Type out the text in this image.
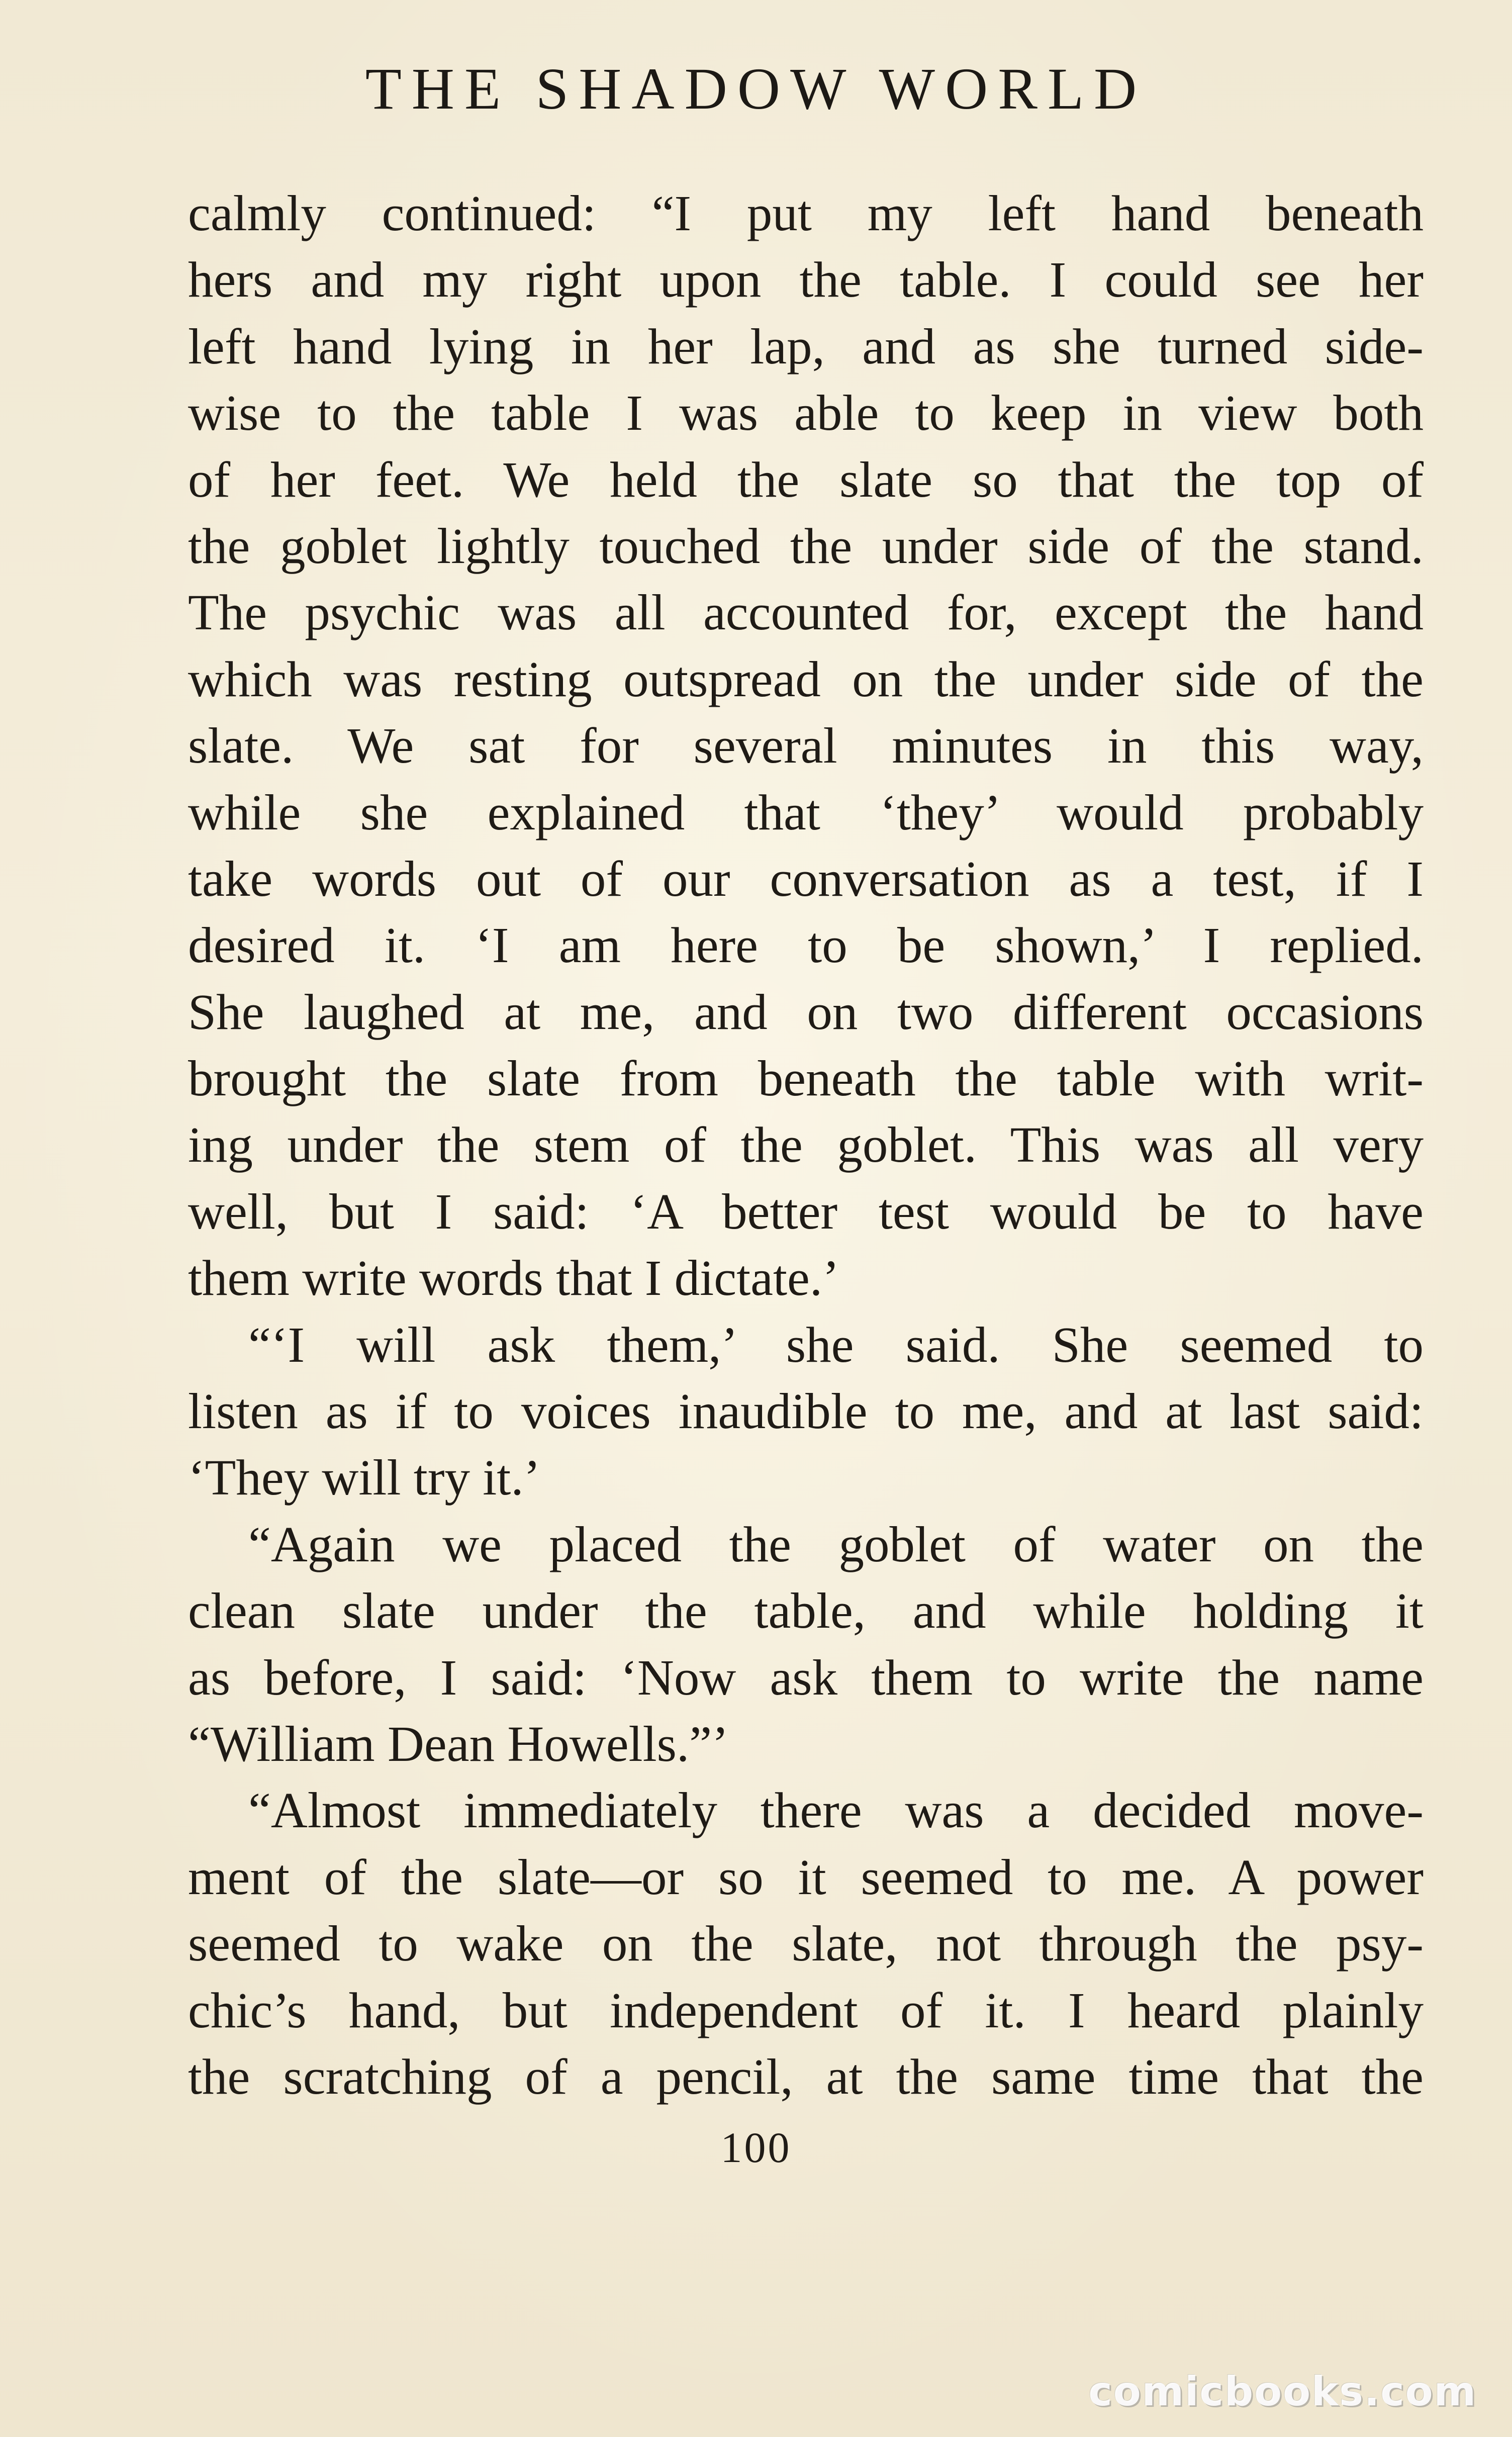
THE SHADOW WORLD
calmly continued: “I put my left hand beneath
hers and my right upon the table. I could see her
left hand lying in her lap, and as she turned side-
wise to the table I was able to keep in view both
of her feet. We held the slate so that the top of
the goblet lightly touched the under side of the stand.
The psychic was all accounted for, except the hand
which was resting outspread on the under side of the
slate. We sat for several minutes in this way,
while she explained that ‘they’ would probably
take words out of our conversation as a test, if I
desired it. ‘I am here to be shown,’ I replied.
She laughed at me, and on two different occasions
brought the slate from beneath the table with writ-
ing under the stem of the goblet. This was all very
well, but I said: ‘A better test would be to have
them write words that I dictate.’
“‘I will ask them,’ she said. She seemed to
listen as if to voices inaudible to me, and at last said:
‘They will try it.’
“Again we placed the goblet of water on the
clean slate under the table, and while holding it
as before, I said: ‘Now ask them to write the name
“William Dean Howells.”’
“Almost immediately there was a decided move-
ment of the slate—or so it seemed to me. A power
seemed to wake on the slate, not through the psy-
chic’s hand, but independent of it. I heard plainly
the scratching of a pencil, at the same time that the
100
comicbooks.com
